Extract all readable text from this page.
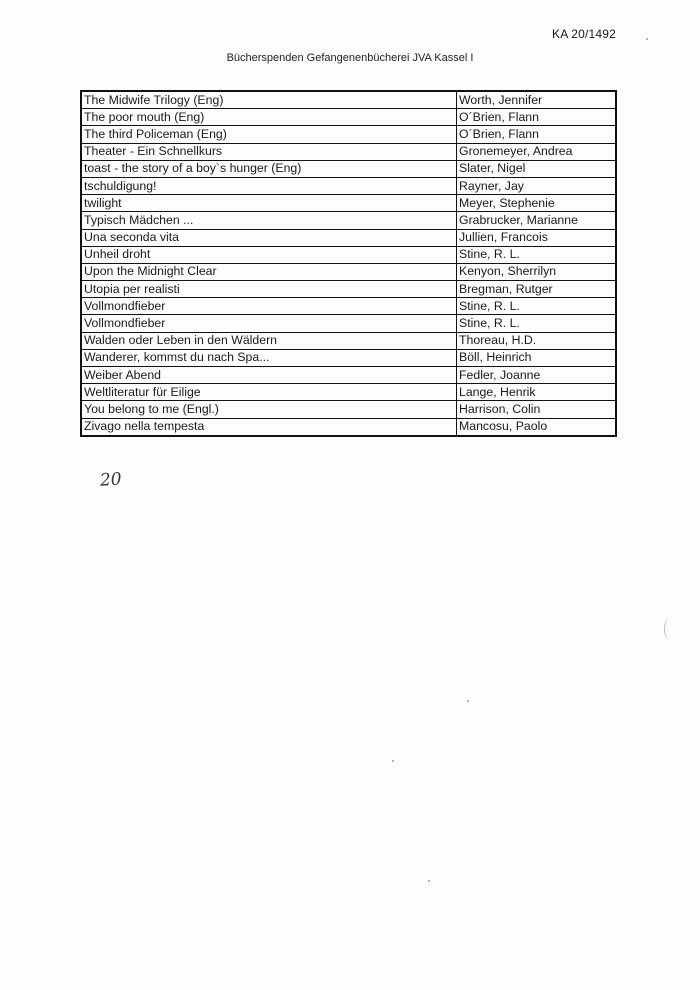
KA 20/1492
Bücherspenden Gefangenenbücherei JVA Kassel I
The Midwife Trilogy (Eng)	Worth, Jennifer
The poor mouth (Eng)	O´Brien, Flann
The third Policeman (Eng)	O´Brien, Flann
Theater - Ein Schnellkurs	Gronemeyer, Andrea
toast - the story of a boy`s hunger (Eng)	Slater, Nigel
tschuldigung!	Rayner, Jay
twilight	Meyer, Stephenie
Typisch Mädchen ...	Grabrucker, Marianne
Una seconda vita	Jullien, Francois
Unheil droht	Stine, R. L.
Upon the Midnight Clear	Kenyon, Sherrilyn
Utopia per realisti	Bregman, Rutger
Vollmondfieber	Stine, R. L.
Vollmondfieber	Stine, R. L.
Walden oder Leben in den Wäldern	Thoreau, H.D.
Wanderer, kommst du nach Spa...	Böll, Heinrich
Weiber Abend	Fedler, Joanne
Weltliteratur für Eilige	Lange, Henrik
You belong to me (Engl.)	Harrison, Colin
Zivago nella tempesta	Mancosu, Paolo
20
